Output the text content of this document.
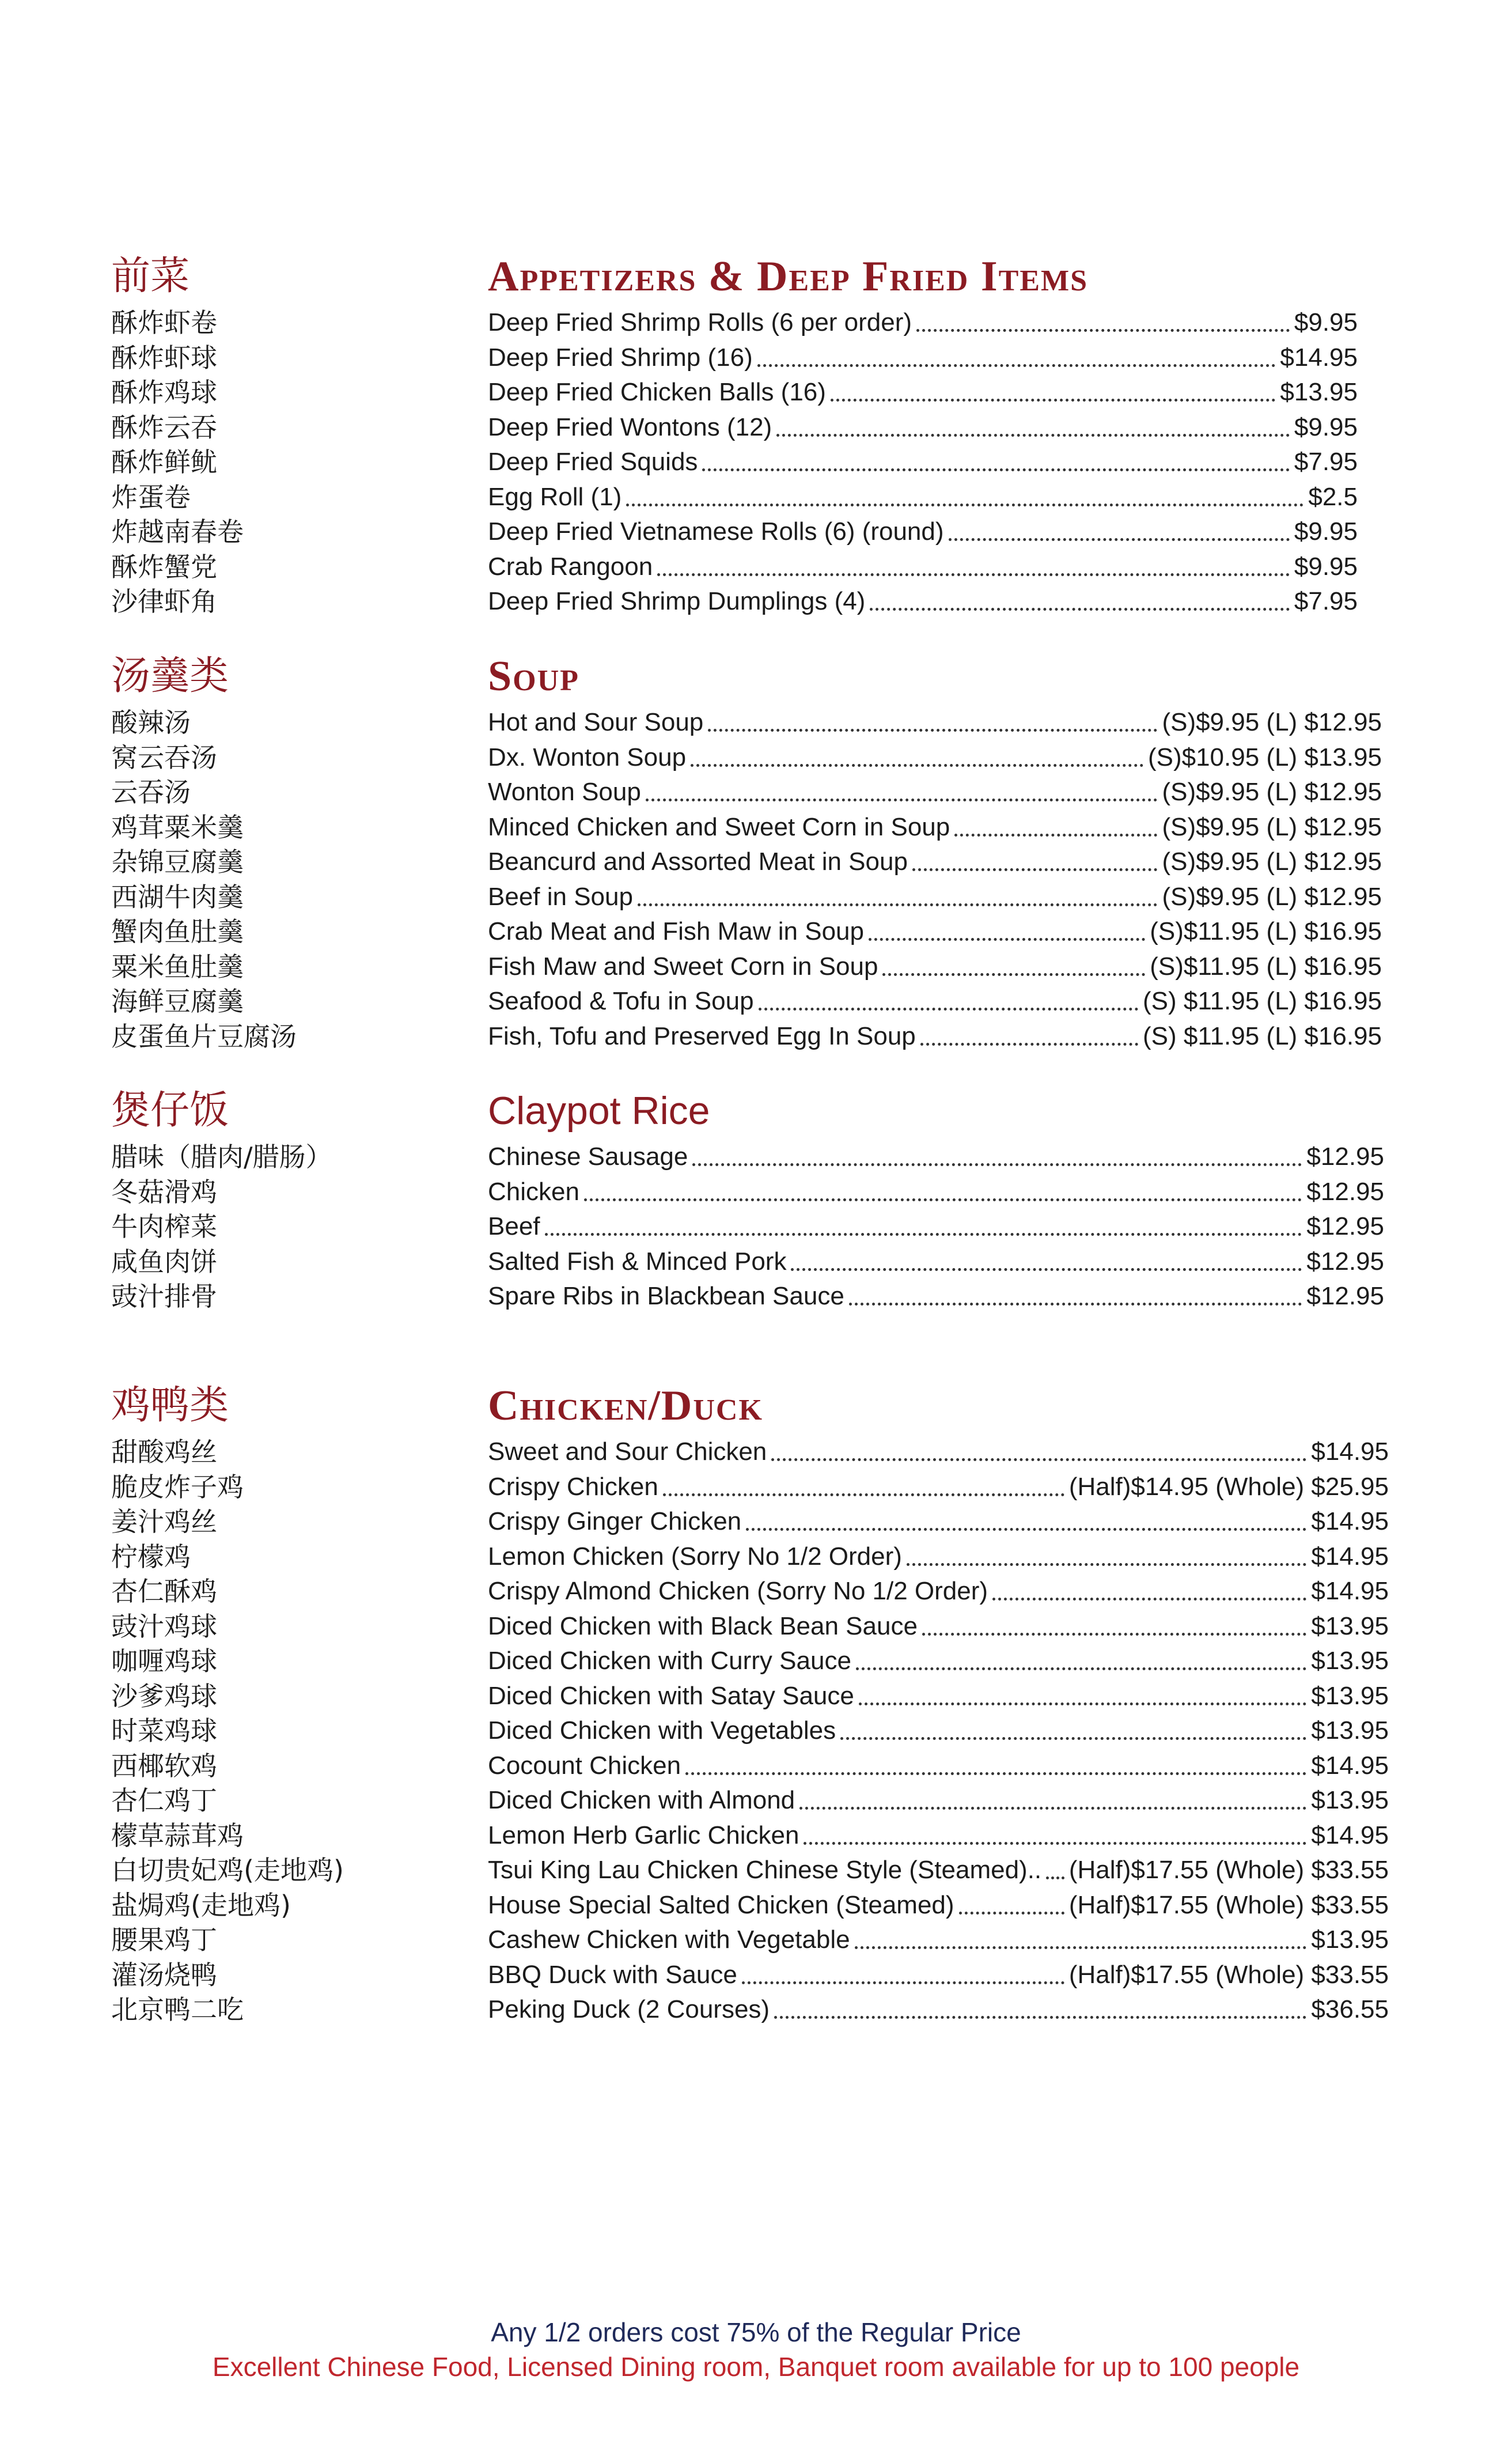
前菜	Appetizers & Deep Fried Items
酥炸虾卷	Deep Fried Shrimp Rolls (6 per order)	$9.95
酥炸虾球	Deep Fried Shrimp (16)	$14.95
酥炸鸡球	Deep Fried Chicken Balls (16)	$13.95
酥炸云吞	Deep Fried Wontons (12)	$9.95
酥炸鲜鱿	Deep Fried Squids	$7.95
炸蛋卷	Egg Roll (1)	$2.5
炸越南春卷	Deep Fried Vietnamese Rolls (6) (round)	$9.95
酥炸蟹党	Crab Rangoon	$9.95
沙律虾角	Deep Fried Shrimp Dumplings (4)	$7.95
汤羹类	Soup
酸辣汤	Hot and Sour Soup	(S)$9.95 (L) $12.95
窝云吞汤	Dx. Wonton Soup	(S)$10.95 (L) $13.95
云吞汤	Wonton Soup	(S)$9.95 (L) $12.95
鸡茸粟米羹	Minced Chicken and Sweet Corn in Soup	(S)$9.95 (L) $12.95
杂锦豆腐羹	Beancurd and Assorted Meat in Soup	(S)$9.95 (L) $12.95
西湖牛肉羹	Beef in Soup	(S)$9.95 (L) $12.95
蟹肉鱼肚羹	Crab Meat and Fish Maw in Soup	(S)$11.95 (L) $16.95
粟米鱼肚羹	Fish Maw and Sweet Corn in Soup	(S)$11.95 (L) $16.95
海鲜豆腐羹	Seafood & Tofu in Soup	(S) $11.95 (L) $16.95
皮蛋鱼片豆腐汤	Fish, Tofu and Preserved Egg In Soup	(S) $11.95 (L) $16.95
煲仔饭	Claypot Rice
腊味（腊肉/腊肠）	Chinese Sausage	$12.95
冬菇滑鸡	Chicken	$12.95
牛肉榨菜	Beef	$12.95
咸鱼肉饼	Salted Fish & Minced Pork	$12.95
豉汁排骨	Spare Ribs in Blackbean Sauce	$12.95
鸡鸭类	Chicken/Duck
甜酸鸡丝	Sweet and Sour Chicken	$14.95
脆皮炸子鸡	Crispy Chicken	(Half)$14.95 (Whole) $25.95
姜汁鸡丝	Crispy Ginger Chicken	$14.95
柠檬鸡	Lemon Chicken (Sorry No 1/2 Order)	$14.95
杏仁酥鸡	Crispy Almond Chicken (Sorry No 1/2 Order)	$14.95
豉汁鸡球	Diced Chicken with Black Bean Sauce	$13.95
咖喱鸡球	Diced Chicken with Curry Sauce	$13.95
沙爹鸡球	Diced Chicken with Satay Sauce	$13.95
时菜鸡球	Diced Chicken with Vegetables	$13.95
西椰软鸡	Cocount Chicken	$14.95
杏仁鸡丁	Diced Chicken with Almond	$13.95
檬草蒜茸鸡	Lemon Herb Garlic Chicken	$14.95
白切贵妃鸡(走地鸡)	Tsui King Lau Chicken Chinese Style (Steamed).. (Half)$17.55 (Whole) $33.55
盐焗鸡(走地鸡)	House Special Salted Chicken (Steamed)	(Half)$17.55 (Whole) $33.55
腰果鸡丁	Cashew Chicken with Vegetable	$13.95
灌汤烧鸭	BBQ Duck with Sauce	(Half)$17.55 (Whole) $33.55
北京鸭二吃	Peking Duck (2 Courses)	$36.55
Any 1/2 orders cost 75% of the Regular Price
Excellent Chinese Food, Licensed Dining room, Banquet room available for up to 100 people
